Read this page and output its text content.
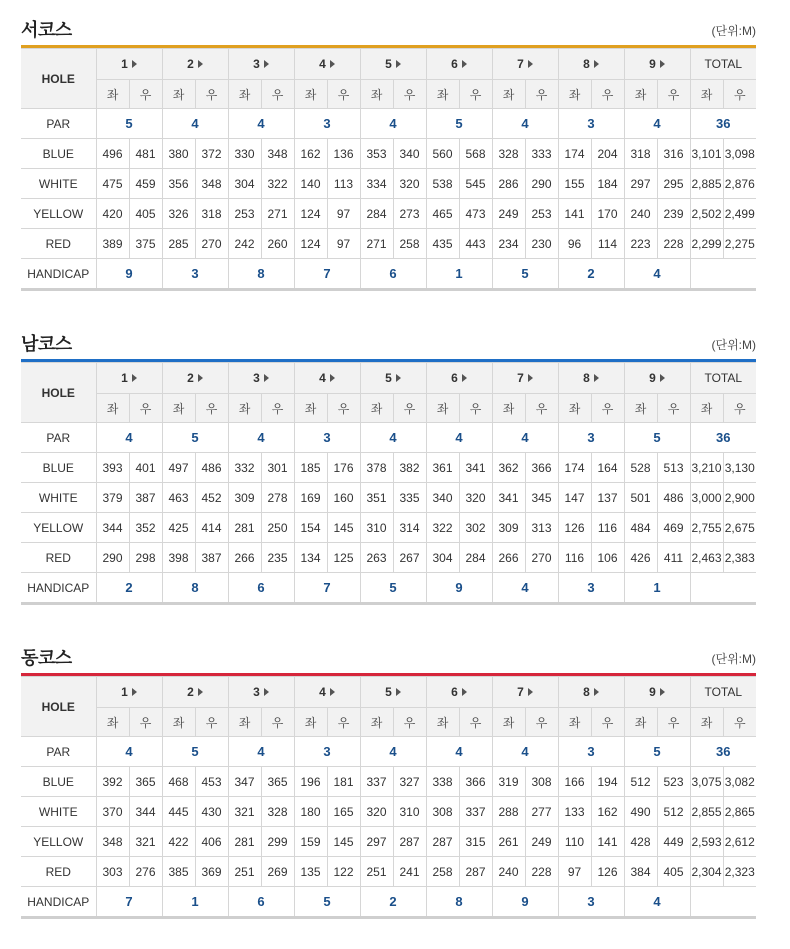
서코스	(단위:M)
HOLE	1		2		3		4		5		6		7		8		9		TOTAL	
	좌	우	좌	우	좌	우	좌	우	좌	우	좌	우	좌	우	좌	우	좌	우	좌	우
PAR	5		4		4		3		4		5		4		3		4		36	
BLUE	496	481	380	372	330	348	162	136	353	340	560	568	328	333	174	204	318	316	3,101	3,098
WHITE	475	459	356	348	304	322	140	113	334	320	538	545	286	290	155	184	297	295	2,885	2,876
YELLOW	420	405	326	318	253	271	124	97	284	273	465	473	249	253	141	170	240	239	2,502	2,499
RED	389	375	285	270	242	260	124	97	271	258	435	443	234	230	96	114	223	228	2,299	2,275
HANDICAP	9		3		8		7		6		1		5		2		4			
남코스	(단위:M)
HOLE	1		2		3		4		5		6		7		8		9		TOTAL	
	좌	우	좌	우	좌	우	좌	우	좌	우	좌	우	좌	우	좌	우	좌	우	좌	우
PAR	4		5		4		3		4		4		4		3		5		36	
BLUE	393	401	497	486	332	301	185	176	378	382	361	341	362	366	174	164	528	513	3,210	3,130
WHITE	379	387	463	452	309	278	169	160	351	335	340	320	341	345	147	137	501	486	3,000	2,900
YELLOW	344	352	425	414	281	250	154	145	310	314	322	302	309	313	126	116	484	469	2,755	2,675
RED	290	298	398	387	266	235	134	125	263	267	304	284	266	270	116	106	426	411	2,463	2,383
HANDICAP	2		8		6		7		5		9		4		3		1			
동코스	(단위:M)
HOLE	1		2		3		4		5		6		7		8		9		TOTAL	
	좌	우	좌	우	좌	우	좌	우	좌	우	좌	우	좌	우	좌	우	좌	우	좌	우
PAR	4		5		4		3		4		4		4		3		5		36	
BLUE	392	365	468	453	347	365	196	181	337	327	338	366	319	308	166	194	512	523	3,075	3,082
WHITE	370	344	445	430	321	328	180	165	320	310	308	337	288	277	133	162	490	512	2,855	2,865
YELLOW	348	321	422	406	281	299	159	145	297	287	287	315	261	249	110	141	428	449	2,593	2,612
RED	303	276	385	369	251	269	135	122	251	241	258	287	240	228	97	126	384	405	2,304	2,323
HANDICAP	7		1		6		5		2		8		9		3		4			
